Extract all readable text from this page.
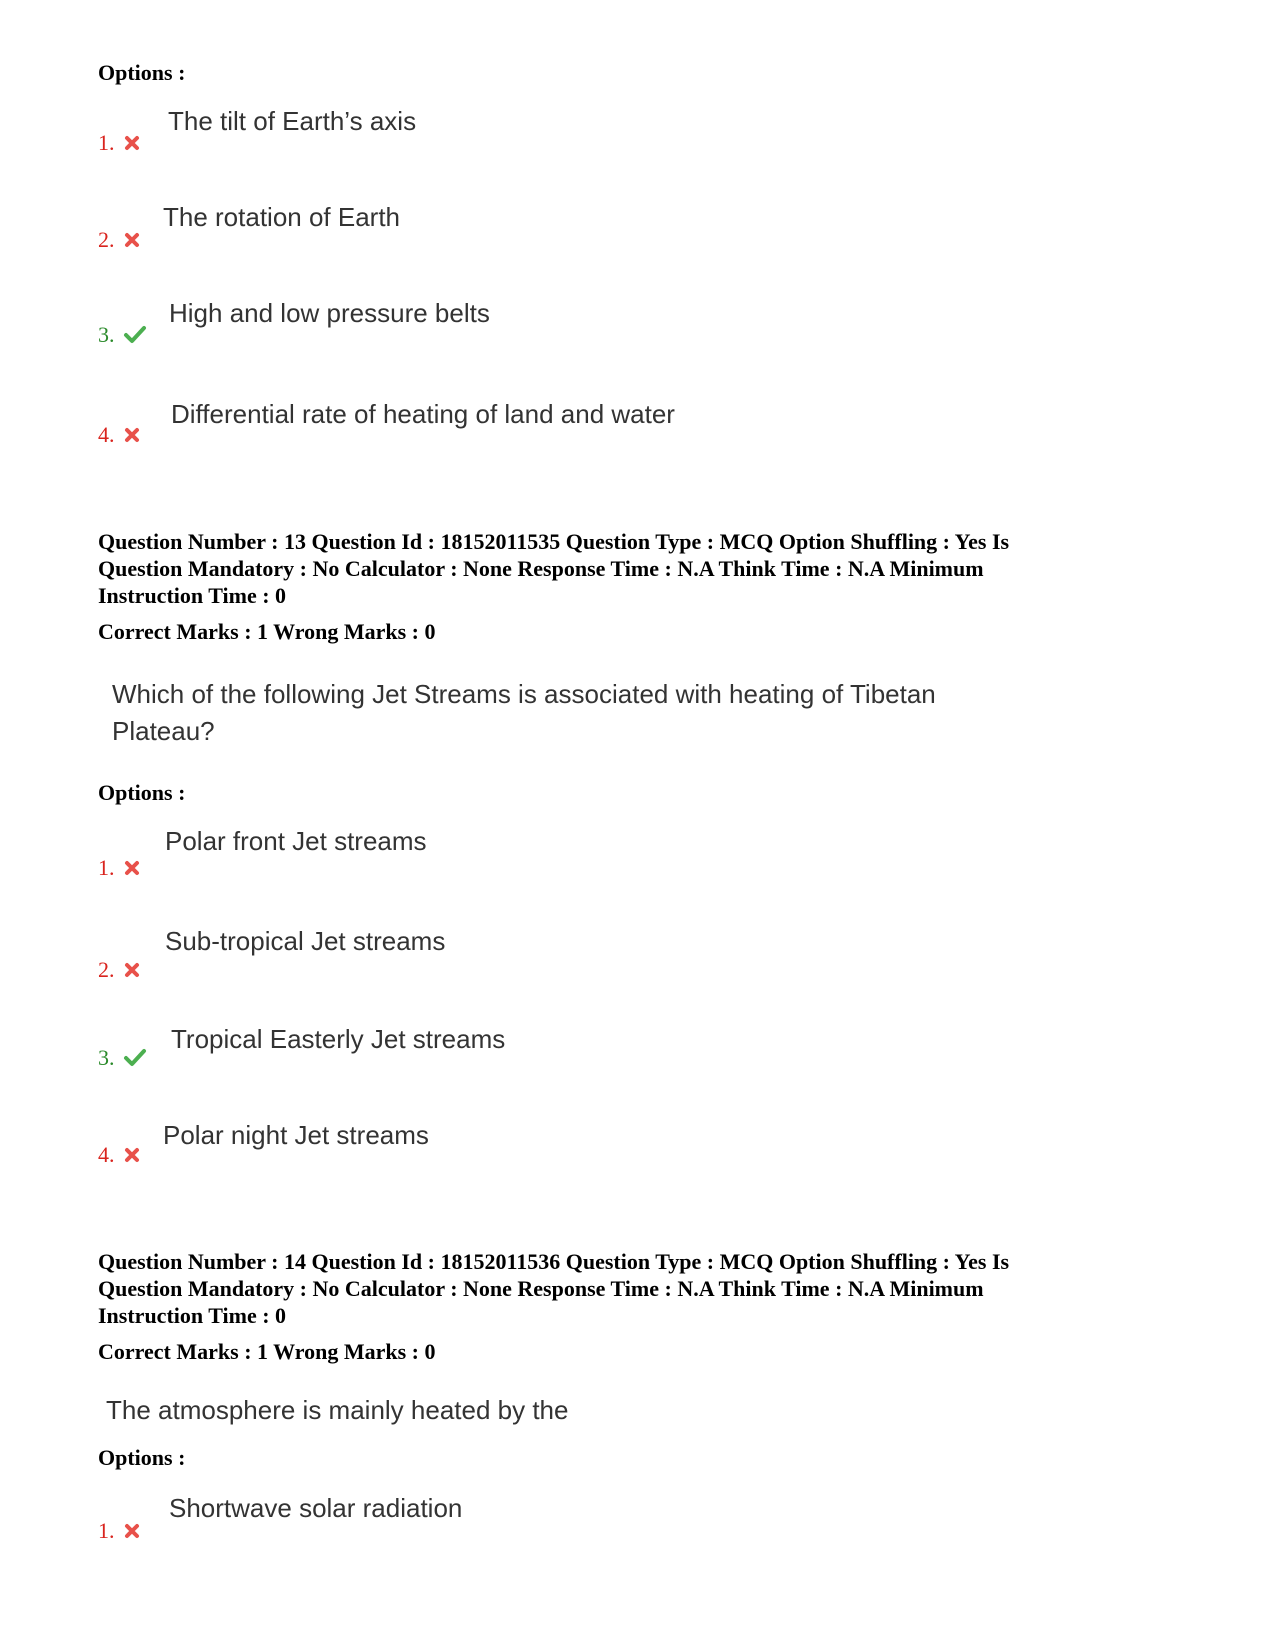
Options :
The tilt of Earth’s axis
1.
The rotation of Earth
2.
High and low pressure belts
3.
Differential rate of heating of land and water
4.
Question Number : 13 Question Id : 18152011535 Question Type : MCQ Option Shuffling : Yes Is
Question Mandatory : No Calculator : None Response Time : N.A Think Time : N.A Minimum
Instruction Time : 0
Correct Marks : 1 Wrong Marks : 0
Which of the following Jet Streams is associated with heating of Tibetan
Plateau?
Options :
Polar front Jet streams
1.
Sub-tropical Jet streams
2.
Tropical Easterly Jet streams
3.
Polar night Jet streams
4.
Question Number : 14 Question Id : 18152011536 Question Type : MCQ Option Shuffling : Yes Is
Question Mandatory : No Calculator : None Response Time : N.A Think Time : N.A Minimum
Instruction Time : 0
Correct Marks : 1 Wrong Marks : 0
The atmosphere is mainly heated by the
Options :
Shortwave solar radiation
1.
